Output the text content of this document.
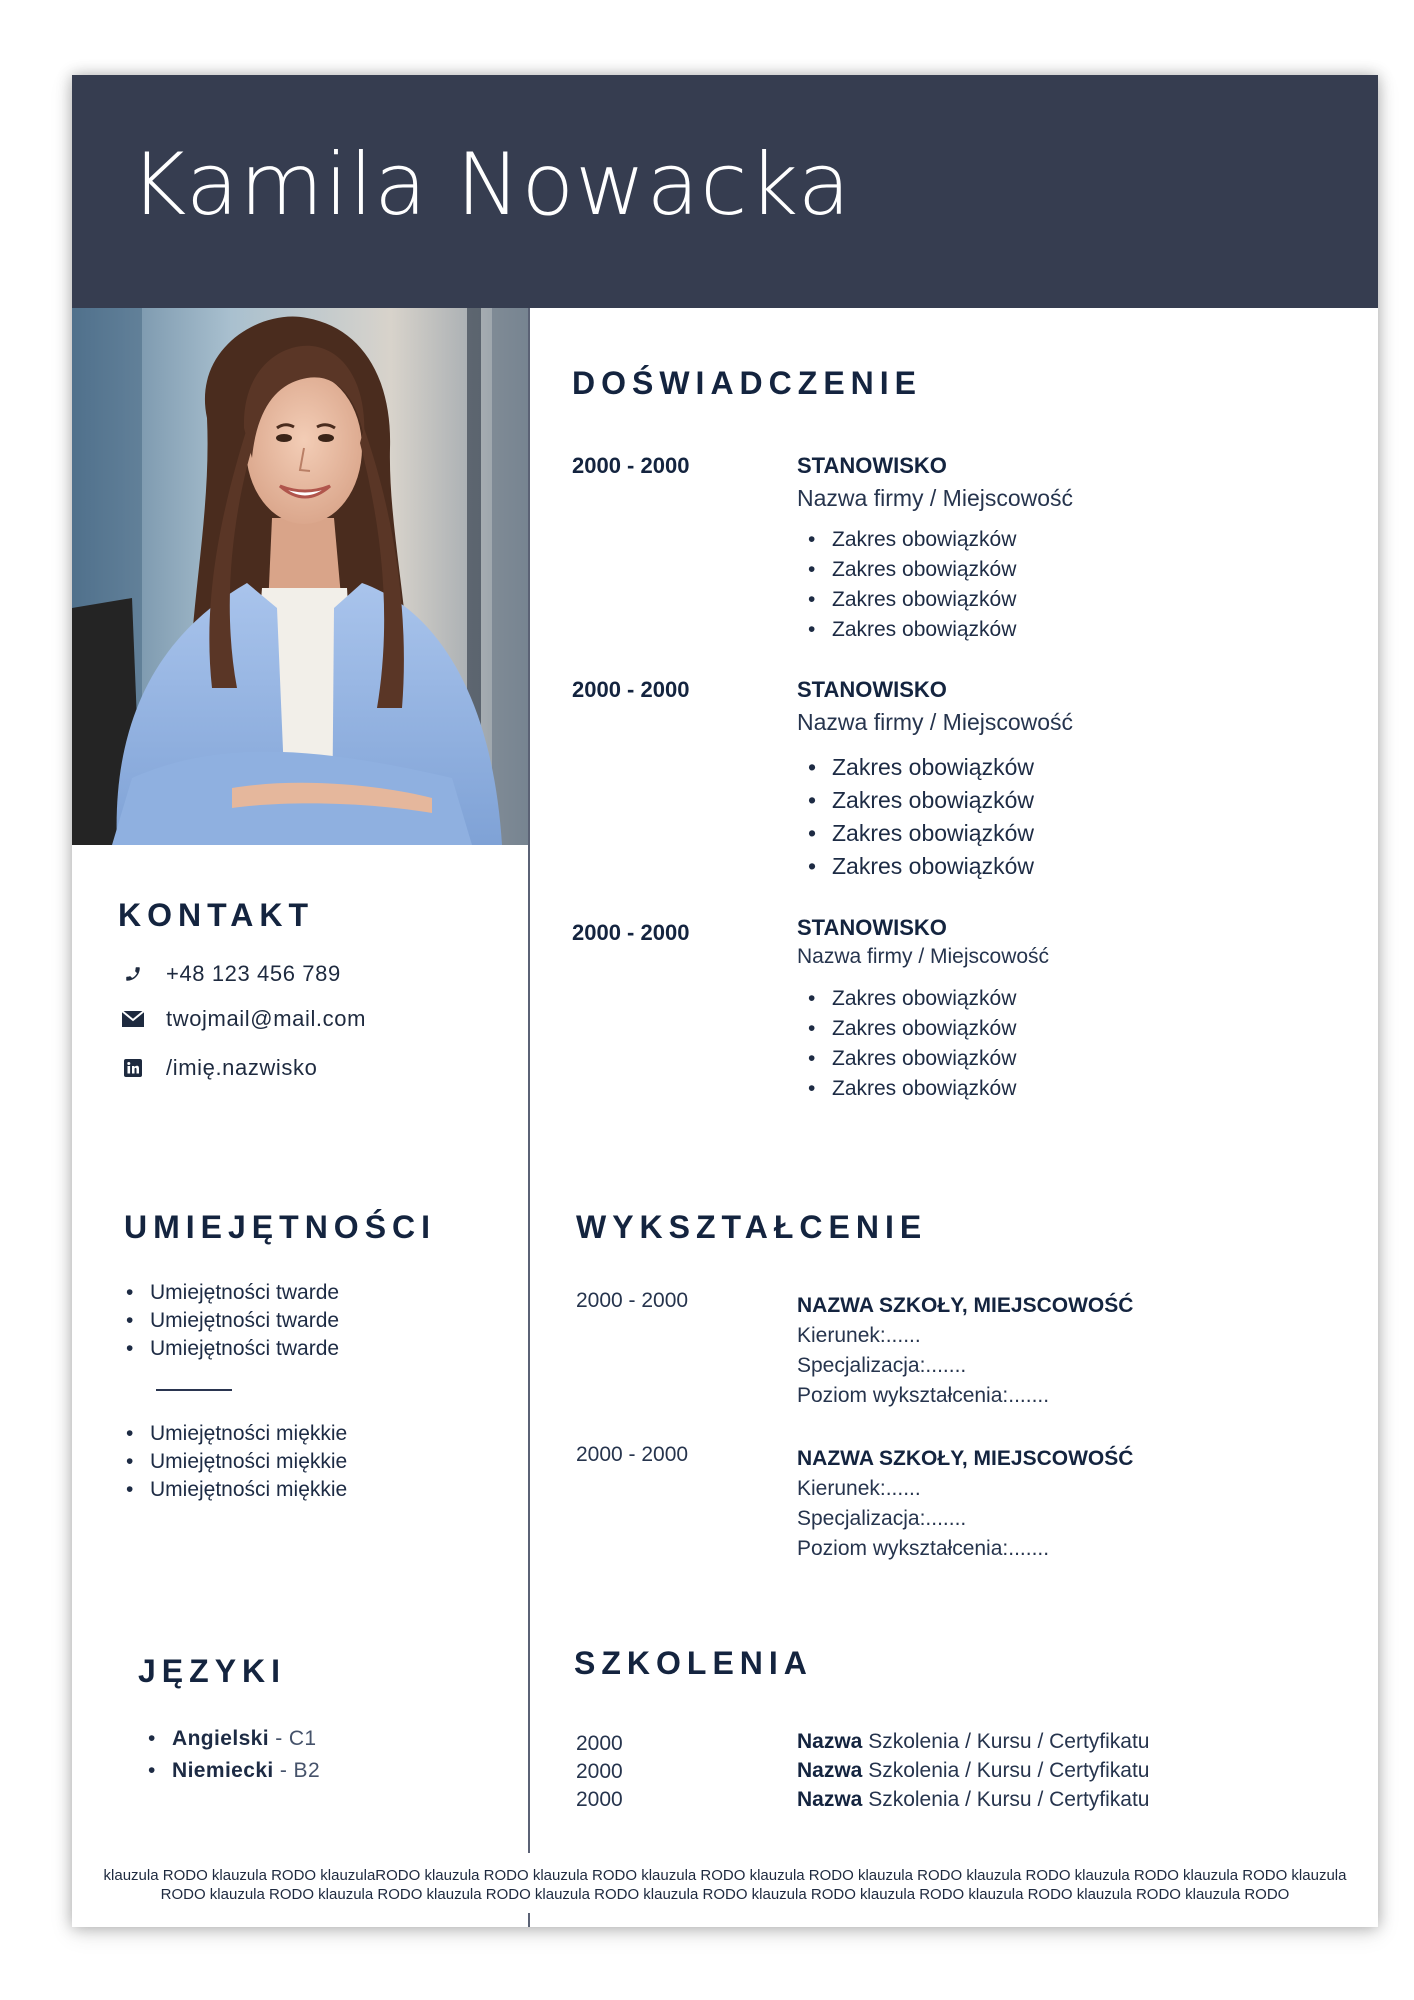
Kamila Nowacka
KONTAKT
+48 123 456 789
twojmail@mail.com
/imię.nazwisko
UMIEJĘTNOŚCI
• Umiejętności twarde
• Umiejętności twarde
• Umiejętności twarde
• Umiejętności miękkie
• Umiejętności miękkie
• Umiejętności miękkie
JĘZYKI
• Angielski - C1
• Niemiecki - B2
DOŚWIADCZENIE
2000 - 2000	STANOWISKO
Nazwa firmy / Miejscowość
• Zakres obowiązków
• Zakres obowiązków
• Zakres obowiązków
• Zakres obowiązków
2000 - 2000	STANOWISKO
Nazwa firmy / Miejscowość
• Zakres obowiązków
• Zakres obowiązków
• Zakres obowiązków
• Zakres obowiązków
2000 - 2000	STANOWISKO
Nazwa firmy / Miejscowość
• Zakres obowiązków
• Zakres obowiązków
• Zakres obowiązków
• Zakres obowiązków
WYKSZTAŁCENIE
2000 - 2000	NAZWA SZKOŁY, MIEJSCOWOŚĆ
Kierunek:......
Specjalizacja:.......
Poziom wykształcenia:.......
2000 - 2000	NAZWA SZKOŁY, MIEJSCOWOŚĆ
Kierunek:......
Specjalizacja:.......
Poziom wykształcenia:.......
SZKOLENIA
2000	Nazwa Szkolenia / Kursu / Certyfikatu
2000	Nazwa Szkolenia / Kursu / Certyfikatu
2000	Nazwa Szkolenia / Kursu / Certyfikatu
klauzula RODO klauzula RODO klauzulaRODO klauzula RODO klauzula RODO klauzula RODO klauzula RODO klauzula RODO klauzula RODO klauzula RODO klauzula RODO klauzula RODO klauzula RODO klauzula RODO klauzula RODO klauzula RODO klauzula RODO klauzula RODO klauzula RODO klauzula RODO klauzula RODO klauzula RODO
